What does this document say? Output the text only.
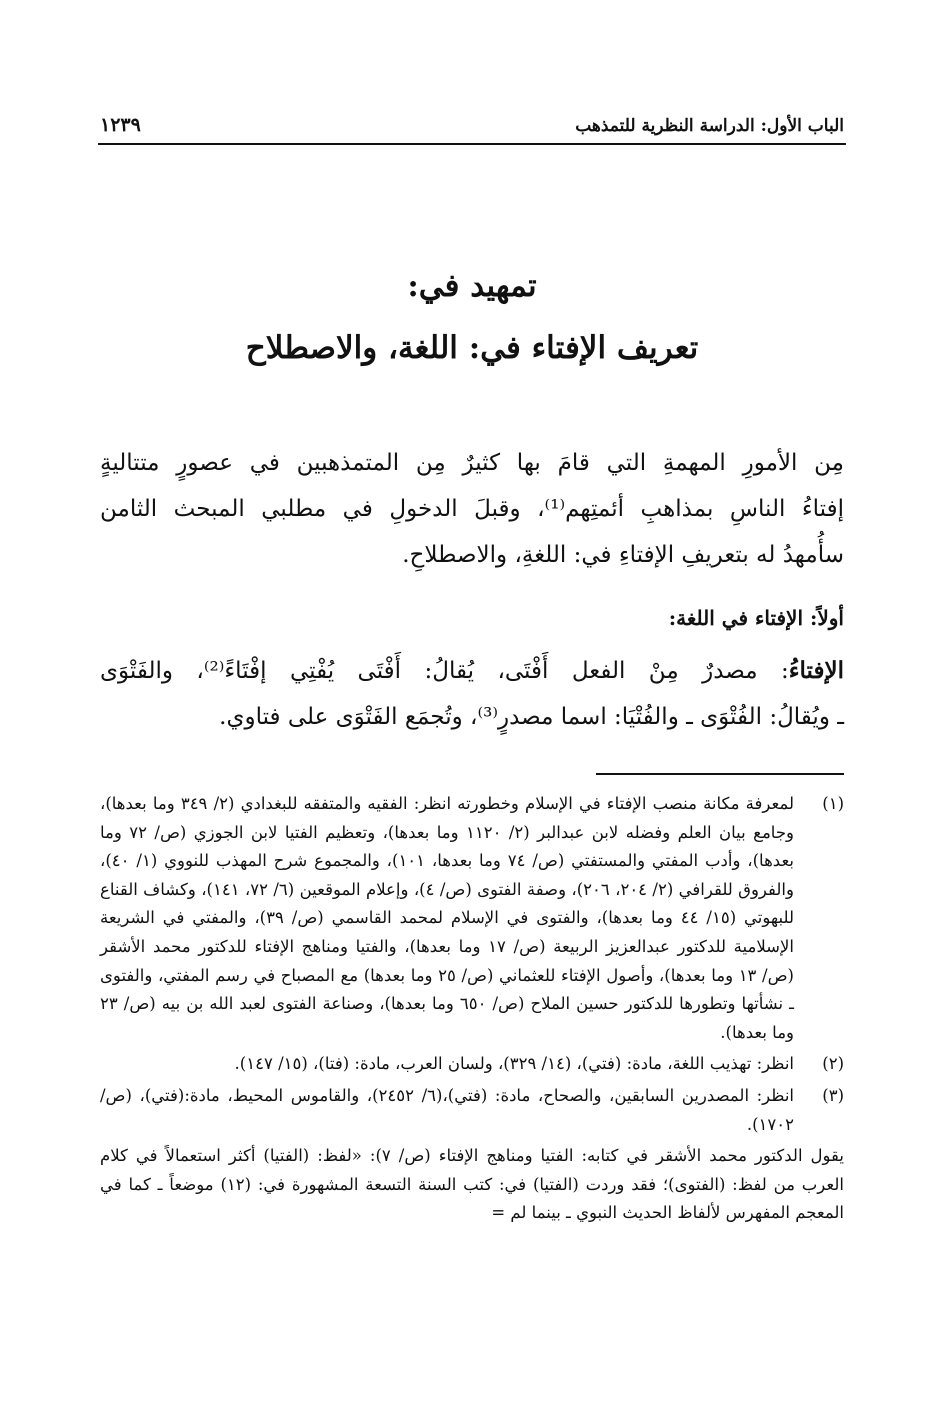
الباب الأول: الدراسة النظرية للتمذهب
١٢٣٩
تمهيد في:
تعريف الإفتاء في: اللغة، والاصطلاح
مِن الأمورِ المهمةِ التي قامَ بها كثيرٌ مِن المتمذهبين في عصورٍ متتاليةٍ
إفتاءُ الناسِ بمذاهبِ أئمتِهم⁽¹⁾، وقبلَ الدخولِ في مطلبي المبحث الثامن
سأُمهدُ له بتعريفِ الإفتاءِ في: اللغةِ، والاصطلاحِ.
أولاً: الإفتاء في اللغة:
الإفتاءُ: مصدرٌ مِنْ الفعل أَفْتَى، يُقالُ: أَفْتَى يُفْتِي إفْتَاءً⁽²⁾، والفَتْوَى
ـ ويُقالُ: الفُتْوَى ـ والفُتْيَا: اسما مصدرٍ⁽³⁾، وتُجمَع الفَتْوَى على فتاوي.
(١)
لمعرفة مكانة منصب الإفتاء في الإسلام وخطورته انظر: الفقيه والمتفقه للبغدادي (٢/ ٣٤٩ وما بعدها)، وجامع بيان العلم وفضله لابن عبدالبر (٢/ ١١٢٠ وما بعدها)، وتعظيم الفتيا لابن الجوزي (ص/ ٧٢ وما بعدها)، وأدب المفتي والمستفتي (ص/ ٧٤ وما بعدها، ١٠١)، والمجموع شرح المهذب للنووي (١/ ٤٠)، والفروق للقرافي (٢/ ٢٠٤، ٢٠٦)، وصفة الفتوى (ص/ ٤)، وإعلام الموقعين (٦/ ٧٢، ١٤١)، وكشاف القناع للبهوتي (١٥/ ٤٤ وما بعدها)، والفتوى في الإسلام لمحمد القاسمي (ص/ ٣٩)، والمفتي في الشريعة الإسلامية للدكتور عبدالعزيز الربيعة (ص/ ١٧ وما بعدها)، والفتيا ومناهج الإفتاء للدكتور محمد الأشقر (ص/ ١٣ وما بعدها)، وأصول الإفتاء للعثماني (ص/ ٢٥ وما بعدها) مع المصباح في رسم المفتي، والفتوى ـ نشأتها وتطورها للدكتور حسين الملاح (ص/ ٦٥٠ وما بعدها)، وصناعة الفتوى لعبد الله بن بيه (ص/ ٢٣ وما بعدها).
(٢)
انظر: تهذيب اللغة، مادة: (فتي)، (١٤/ ٣٢٩)، ولسان العرب، مادة: (فتا)، (١٥/ ١٤٧).
(٣)
انظر: المصدرين السابقين، والصحاح، مادة: (فتي)،(٦/ ٢٤٥٢)، والقاموس المحيط، مادة:(فتي)، (ص/ ١٧٠٢).
يقول الدكتور محمد الأشقر في كتابه: الفتيا ومناهج الإفتاء (ص/ ٧): «لفظ: (الفتيا) أكثر استعمالاً في كلام العرب من لفظ: (الفتوى)؛ فقد وردت (الفتيا) في: كتب السنة التسعة المشهورة في: (١٢) موضعاً ـ كما في المعجم المفهرس لألفاظ الحديث النبوي ـ بينما لم =
